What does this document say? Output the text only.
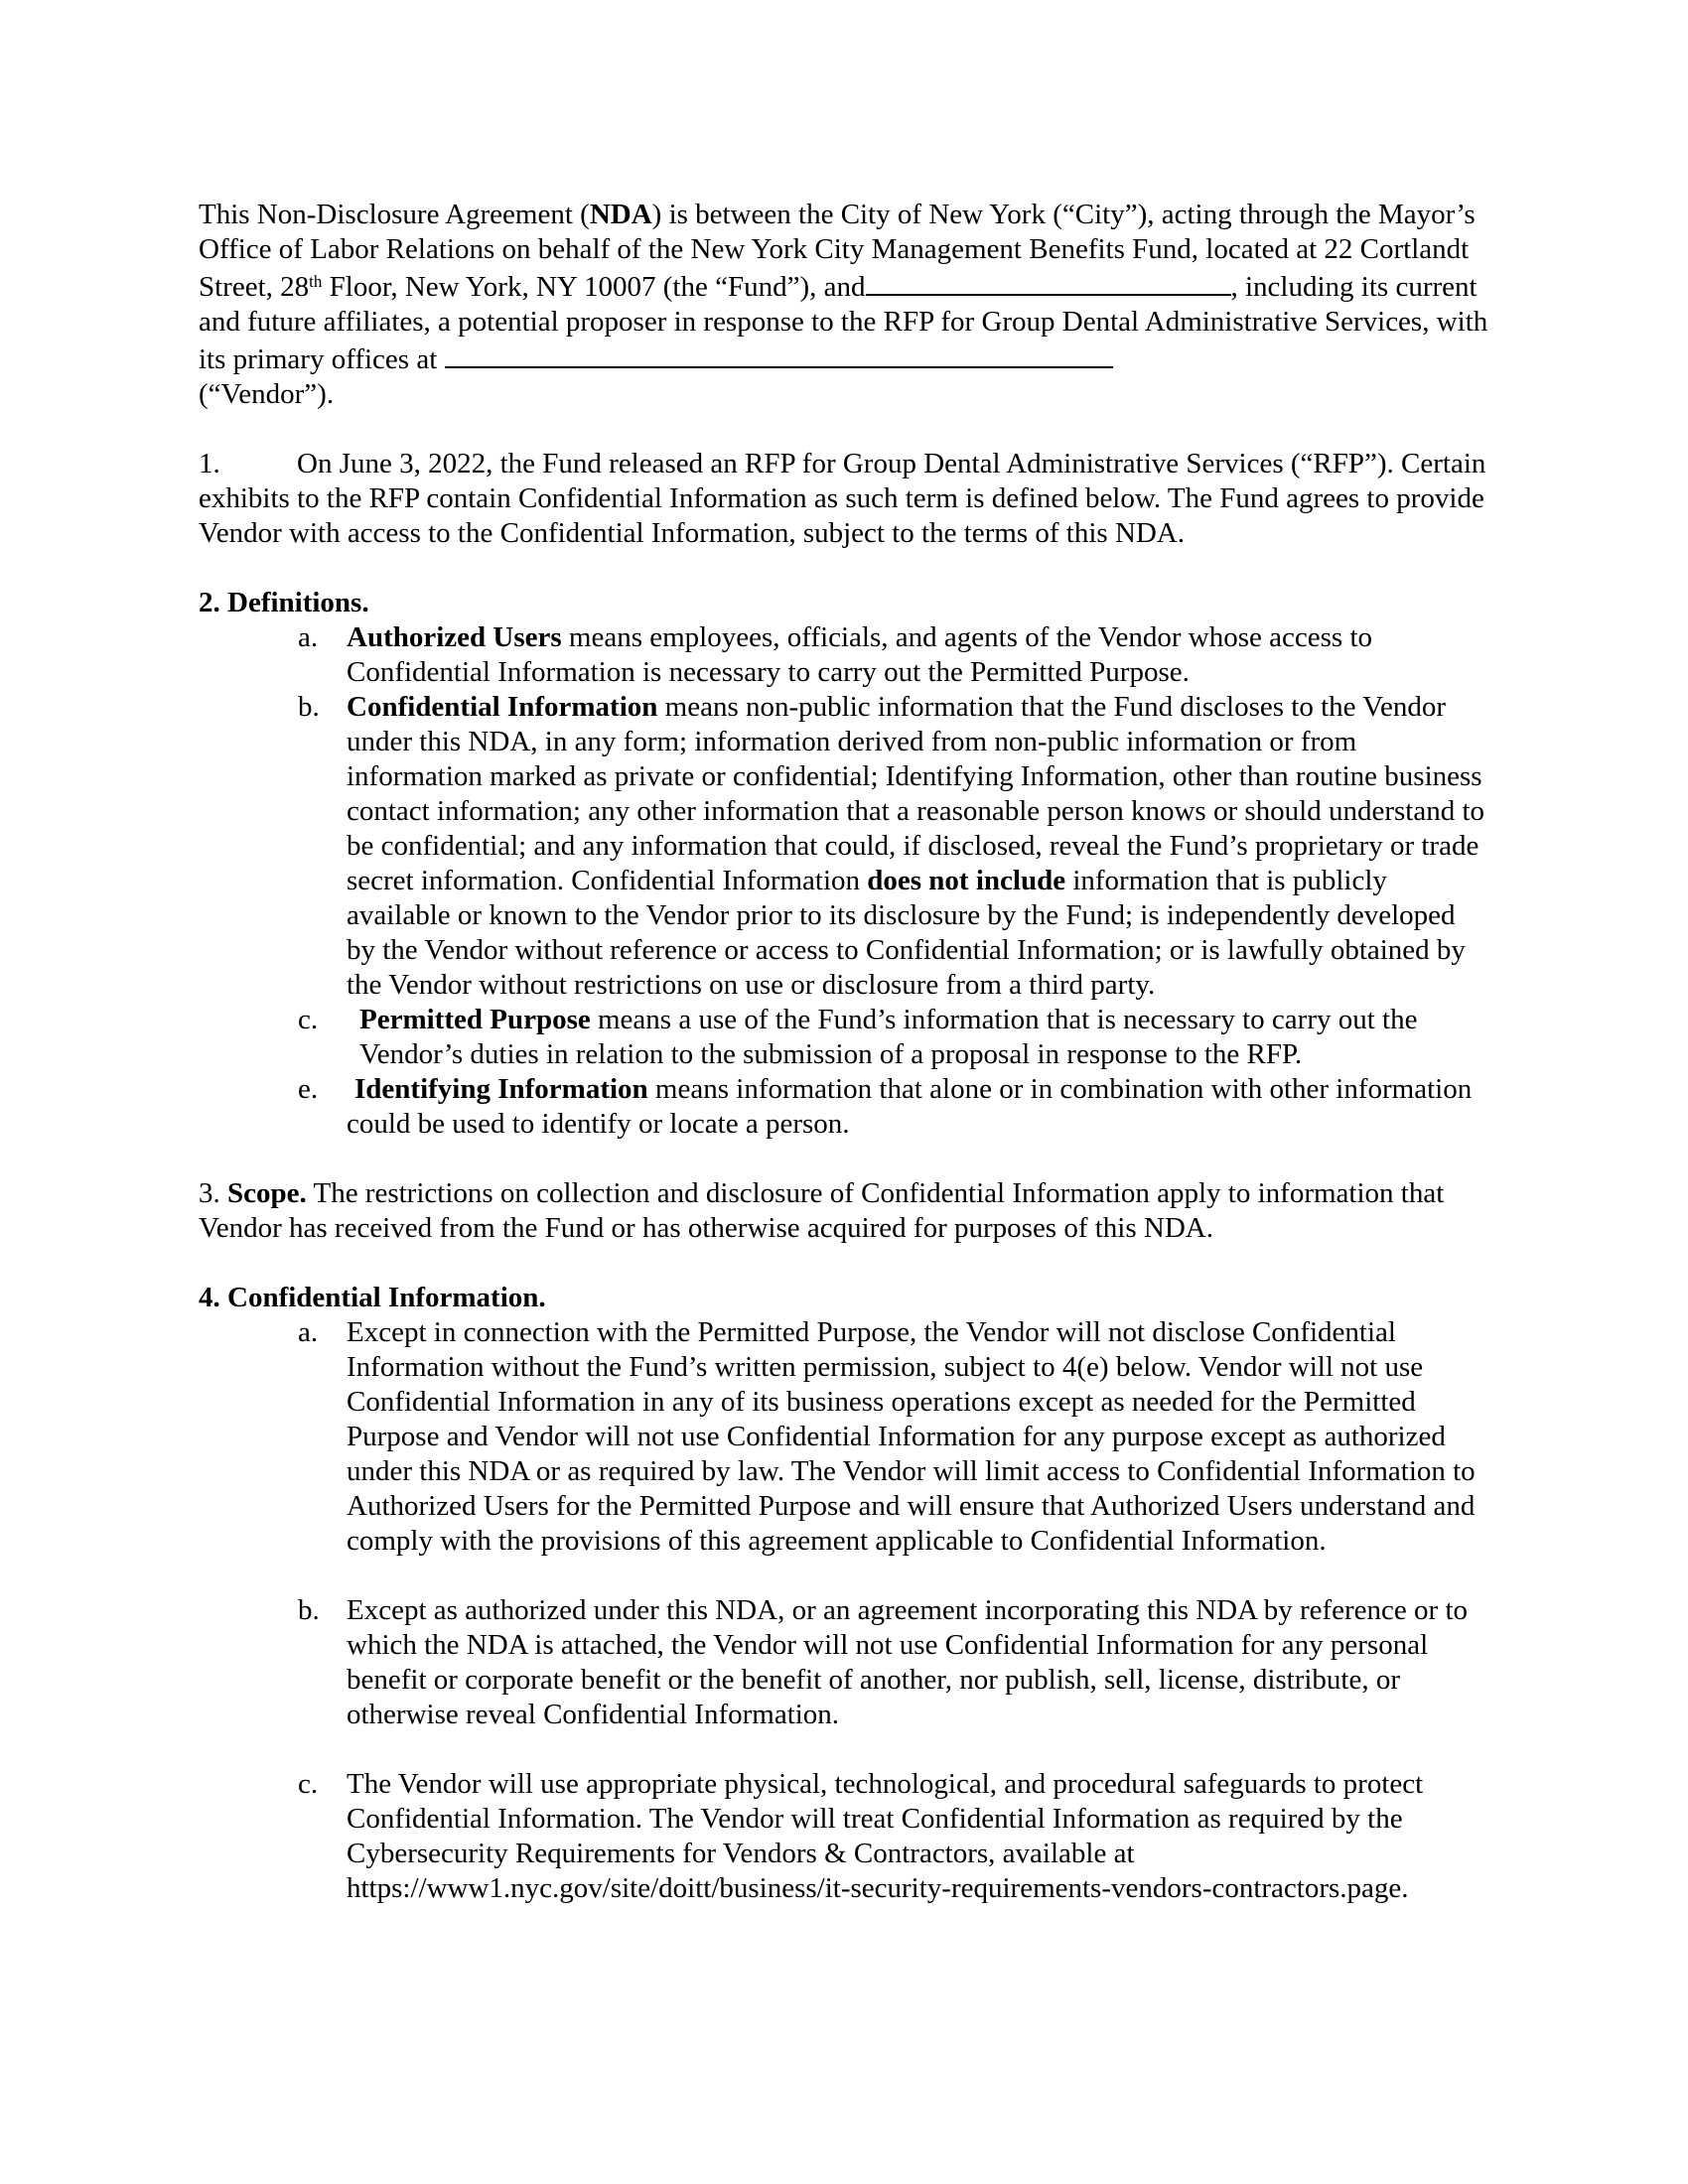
This Non-Disclosure Agreement (NDA) is between the City of New York (“City”), acting through the Mayor’s Office of Labor Relations on behalf of the New York City Management Benefits Fund, located at 22 Cortlandt Street, 28th Floor, New York, NY 10007 (the “Fund”), and	, including its current and future affiliates, a potential proposer in response to the RFP for Group Dental Administrative Services, with its primary offices at
(“Vendor”).

1.	On June 3, 2022, the Fund released an RFP for Group Dental Administrative Services (“RFP”). Certain exhibits to the RFP contain Confidential Information as such term is defined below. The Fund agrees to provide Vendor with access to the Confidential Information, subject to the terms of this NDA.

2. Definitions.

a. Authorized Users means employees, officials, and agents of the Vendor whose access to Confidential Information is necessary to carry out the Permitted Purpose.
b. Confidential Information means non-public information that the Fund discloses to the Vendor under this NDA, in any form; information derived from non-public information or from information marked as private or confidential; Identifying Information, other than routine business contact information; any other information that a reasonable person knows or should understand to be confidential; and any information that could, if disclosed, reveal the Fund’s proprietary or trade secret information. Confidential Information does not include information that is publicly available or known to the Vendor prior to its disclosure by the Fund; is independently developed by the Vendor without reference or access to Confidential Information; or is lawfully obtained by the Vendor without restrictions on use or disclosure from a third party.
c.	Permitted Purpose means a use of the Fund’s information that is necessary to carry out the Vendor’s duties in relation to the submission of a proposal in response to the RFP.
e. Identifying Information means information that alone or in combination with other information could be used to identify or locate a person.

3. Scope. The restrictions on collection and disclosure of Confidential Information apply to information that Vendor has received from the Fund or has otherwise acquired for purposes of this NDA.

4. Confidential Information.

a. Except in connection with the Permitted Purpose, the Vendor will not disclose Confidential Information without the Fund’s written permission, subject to 4(e) below. Vendor will not use Confidential Information in any of its business operations except as needed for the Permitted Purpose and Vendor will not use Confidential Information for any purpose except as authorized under this NDA or as required by law. The Vendor will limit access to Confidential Information to Authorized Users for the Permitted Purpose and will ensure that Authorized Users understand and comply with the provisions of this agreement applicable to Confidential Information.
b. Except as authorized under this NDA, or an agreement incorporating this NDA by reference or to which the NDA is attached, the Vendor will not use Confidential Information for any personal benefit or corporate benefit or the benefit of another, nor publish, sell, license, distribute, or otherwise reveal Confidential Information.
c. The Vendor will use appropriate physical, technological, and procedural safeguards to protect Confidential Information. The Vendor will treat Confidential Information as required by the Cybersecurity Requirements for Vendors & Contractors, available at https://www1.nyc.gov/site/doitt/business/it-security-requirements-vendors-contractors.page.
